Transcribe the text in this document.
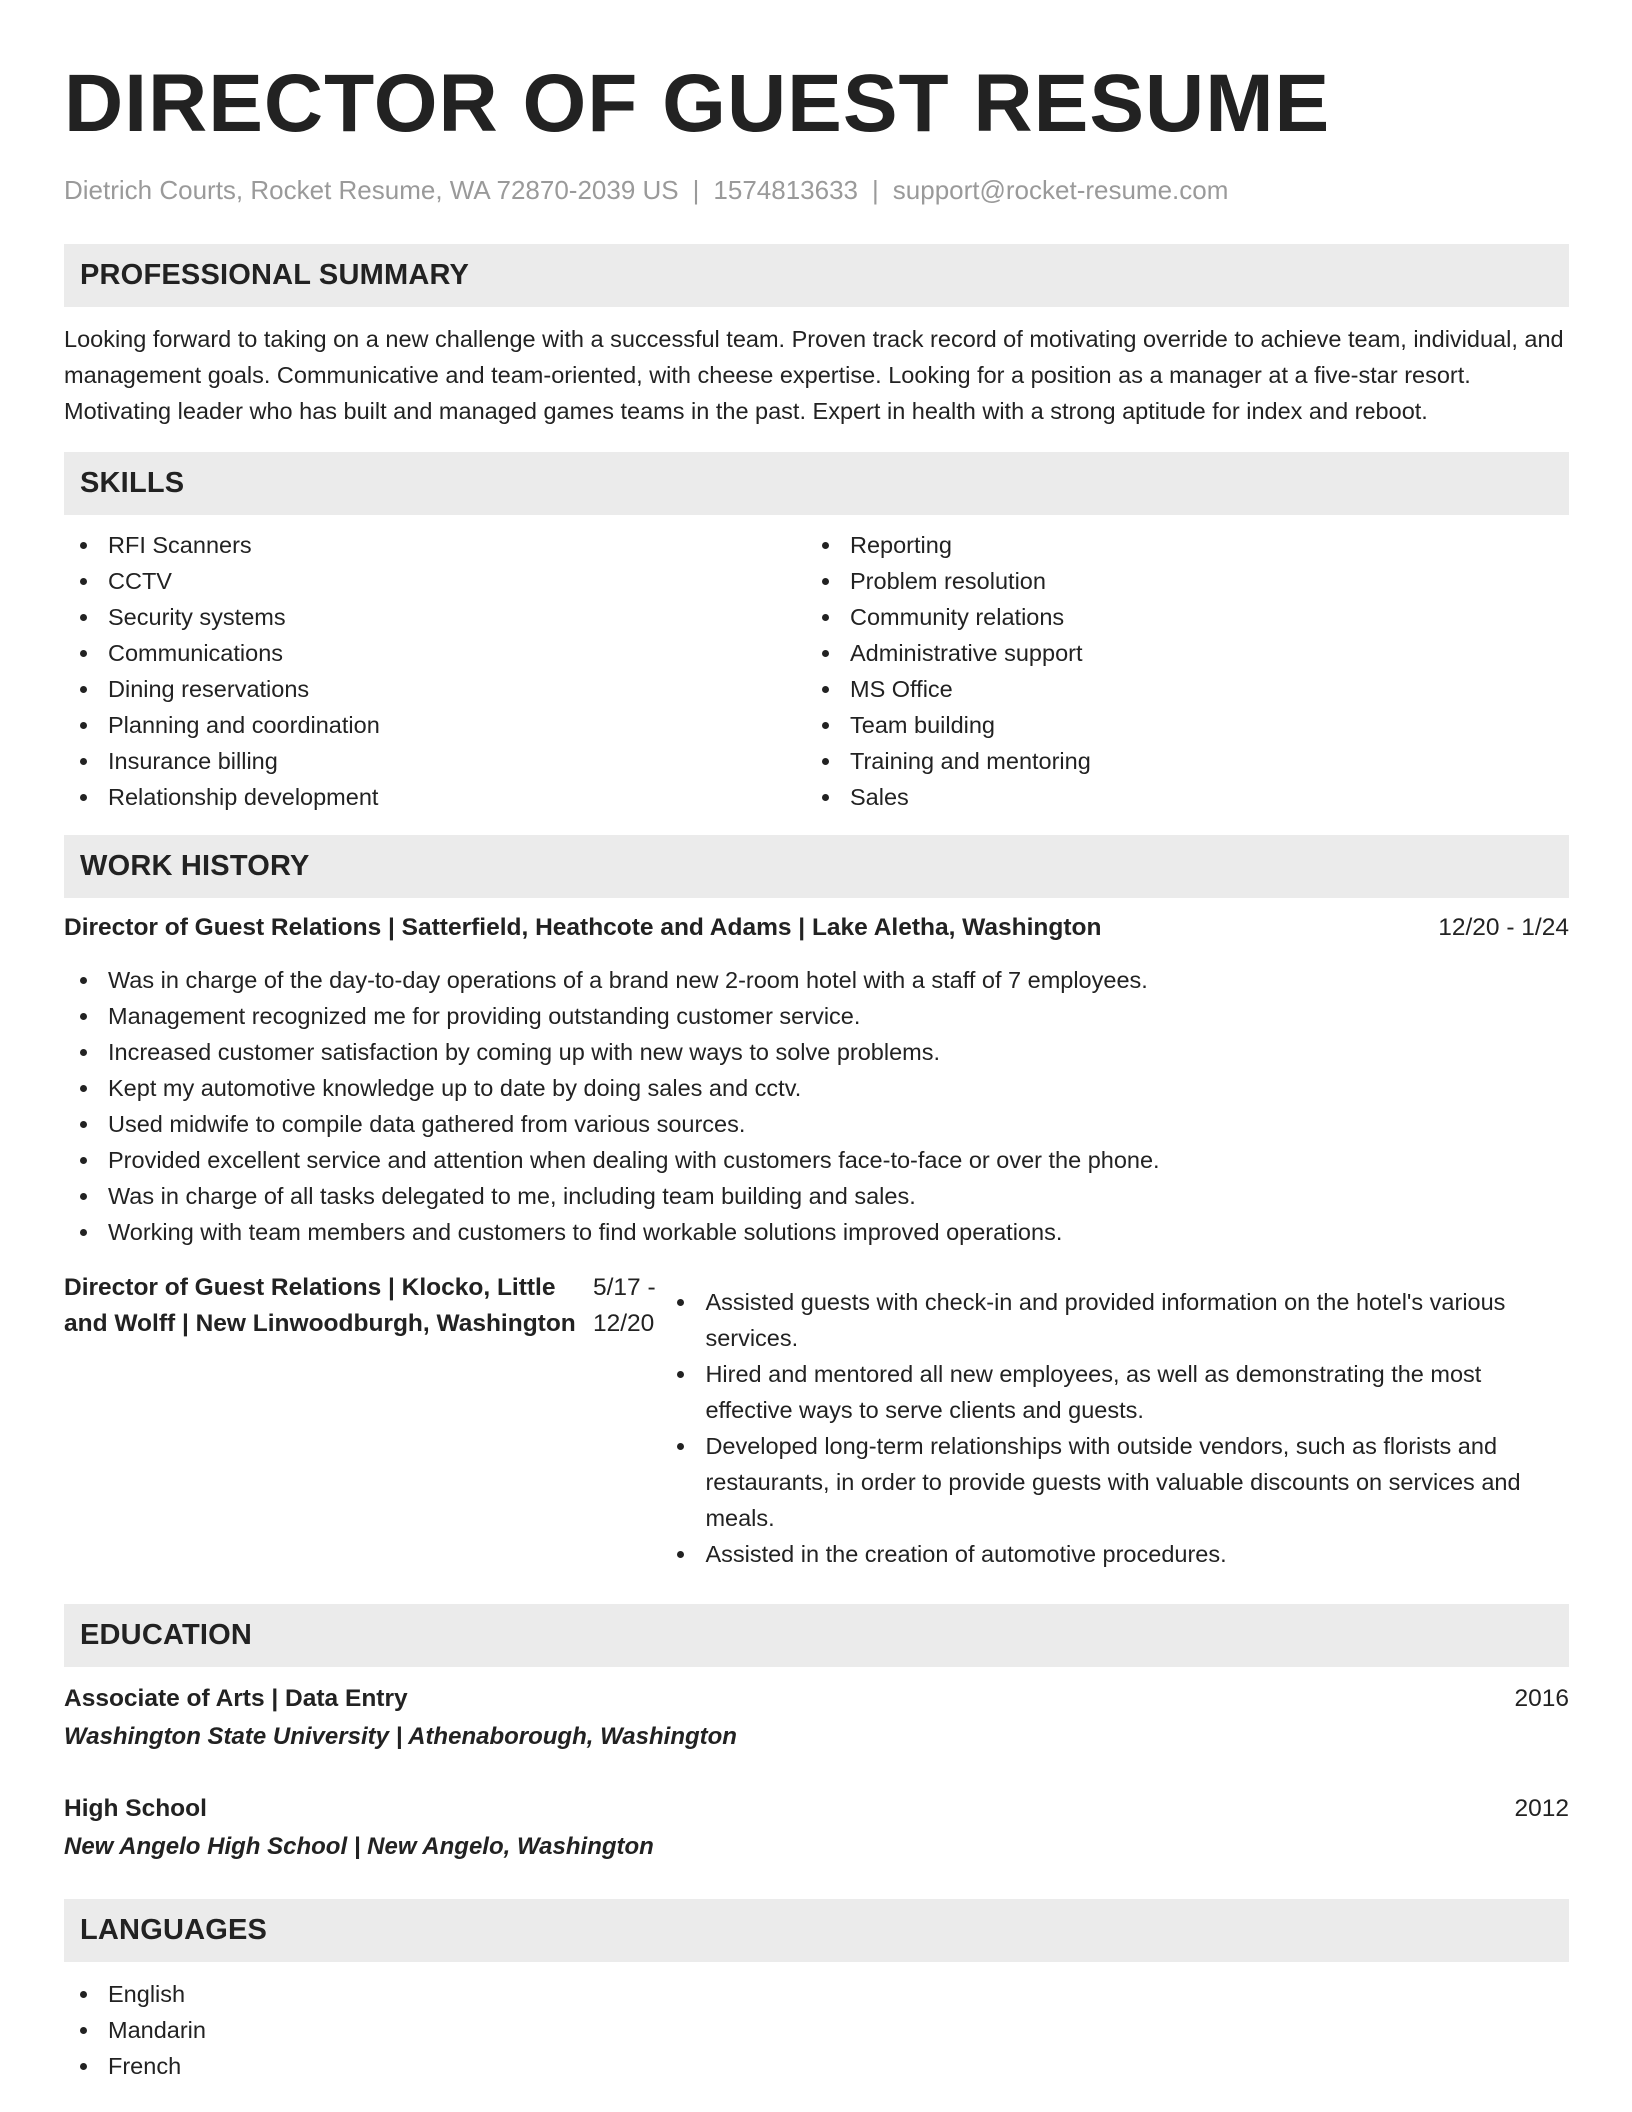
DIRECTOR OF GUEST RESUME
Dietrich Courts, Rocket Resume, WA 72870-2039 US | 1574813633 | support@rocket-resume.com
PROFESSIONAL SUMMARY

Looking forward to taking on a new challenge with a successful team. Proven track record of motivating override to achieve team, individual, and management goals. Communicative and team-oriented, with cheese expertise. Looking for a position as a manager at a five-star resort. Motivating leader who has built and managed games teams in the past. Expert in health with a strong aptitude for index and reboot.

SKILLS
RFI Scanners
CCTV
Security systems
Communications
Dining reservations
Planning and coordination
Insurance billing
Relationship development
Reporting
Problem resolution
Community relations
Administrative support
MS Office
Team building
Training and mentoring
Sales
WORK HISTORY
Director of Guest Relations | Satterfield, Heathcote and Adams | Lake Aletha, Washington	12/20 - 1/24
Was in charge of the day-to-day operations of a brand new 2-room hotel with a staff of 7 employees.
Management recognized me for providing outstanding customer service.
Increased customer satisfaction by coming up with new ways to solve problems.
Kept my automotive knowledge up to date by doing sales and cctv.
Used midwife to compile data gathered from various sources.
Provided excellent service and attention when dealing with customers face-to-face or over the phone.
Was in charge of all tasks delegated to me, including team building and sales.
Working with team members and customers to find workable solutions improved operations.
Director of Guest Relations | Klocko, Little and Wolff | New Linwoodburgh, Washington
5/17 - 12/20
Assisted guests with check-in and provided information on the hotel's various services.
Hired and mentored all new employees, as well as demonstrating the most effective ways to serve clients and guests.
Developed long-term relationships with outside vendors, such as florists and restaurants, in order to provide guests with valuable discounts on services and meals.
Assisted in the creation of automotive procedures.
EDUCATION
Associate of Arts | Data Entry	2016
Washington State University | Athenaborough, Washington
High School	2012
New Angelo High School | New Angelo, Washington
LANGUAGES
English
Mandarin
French
